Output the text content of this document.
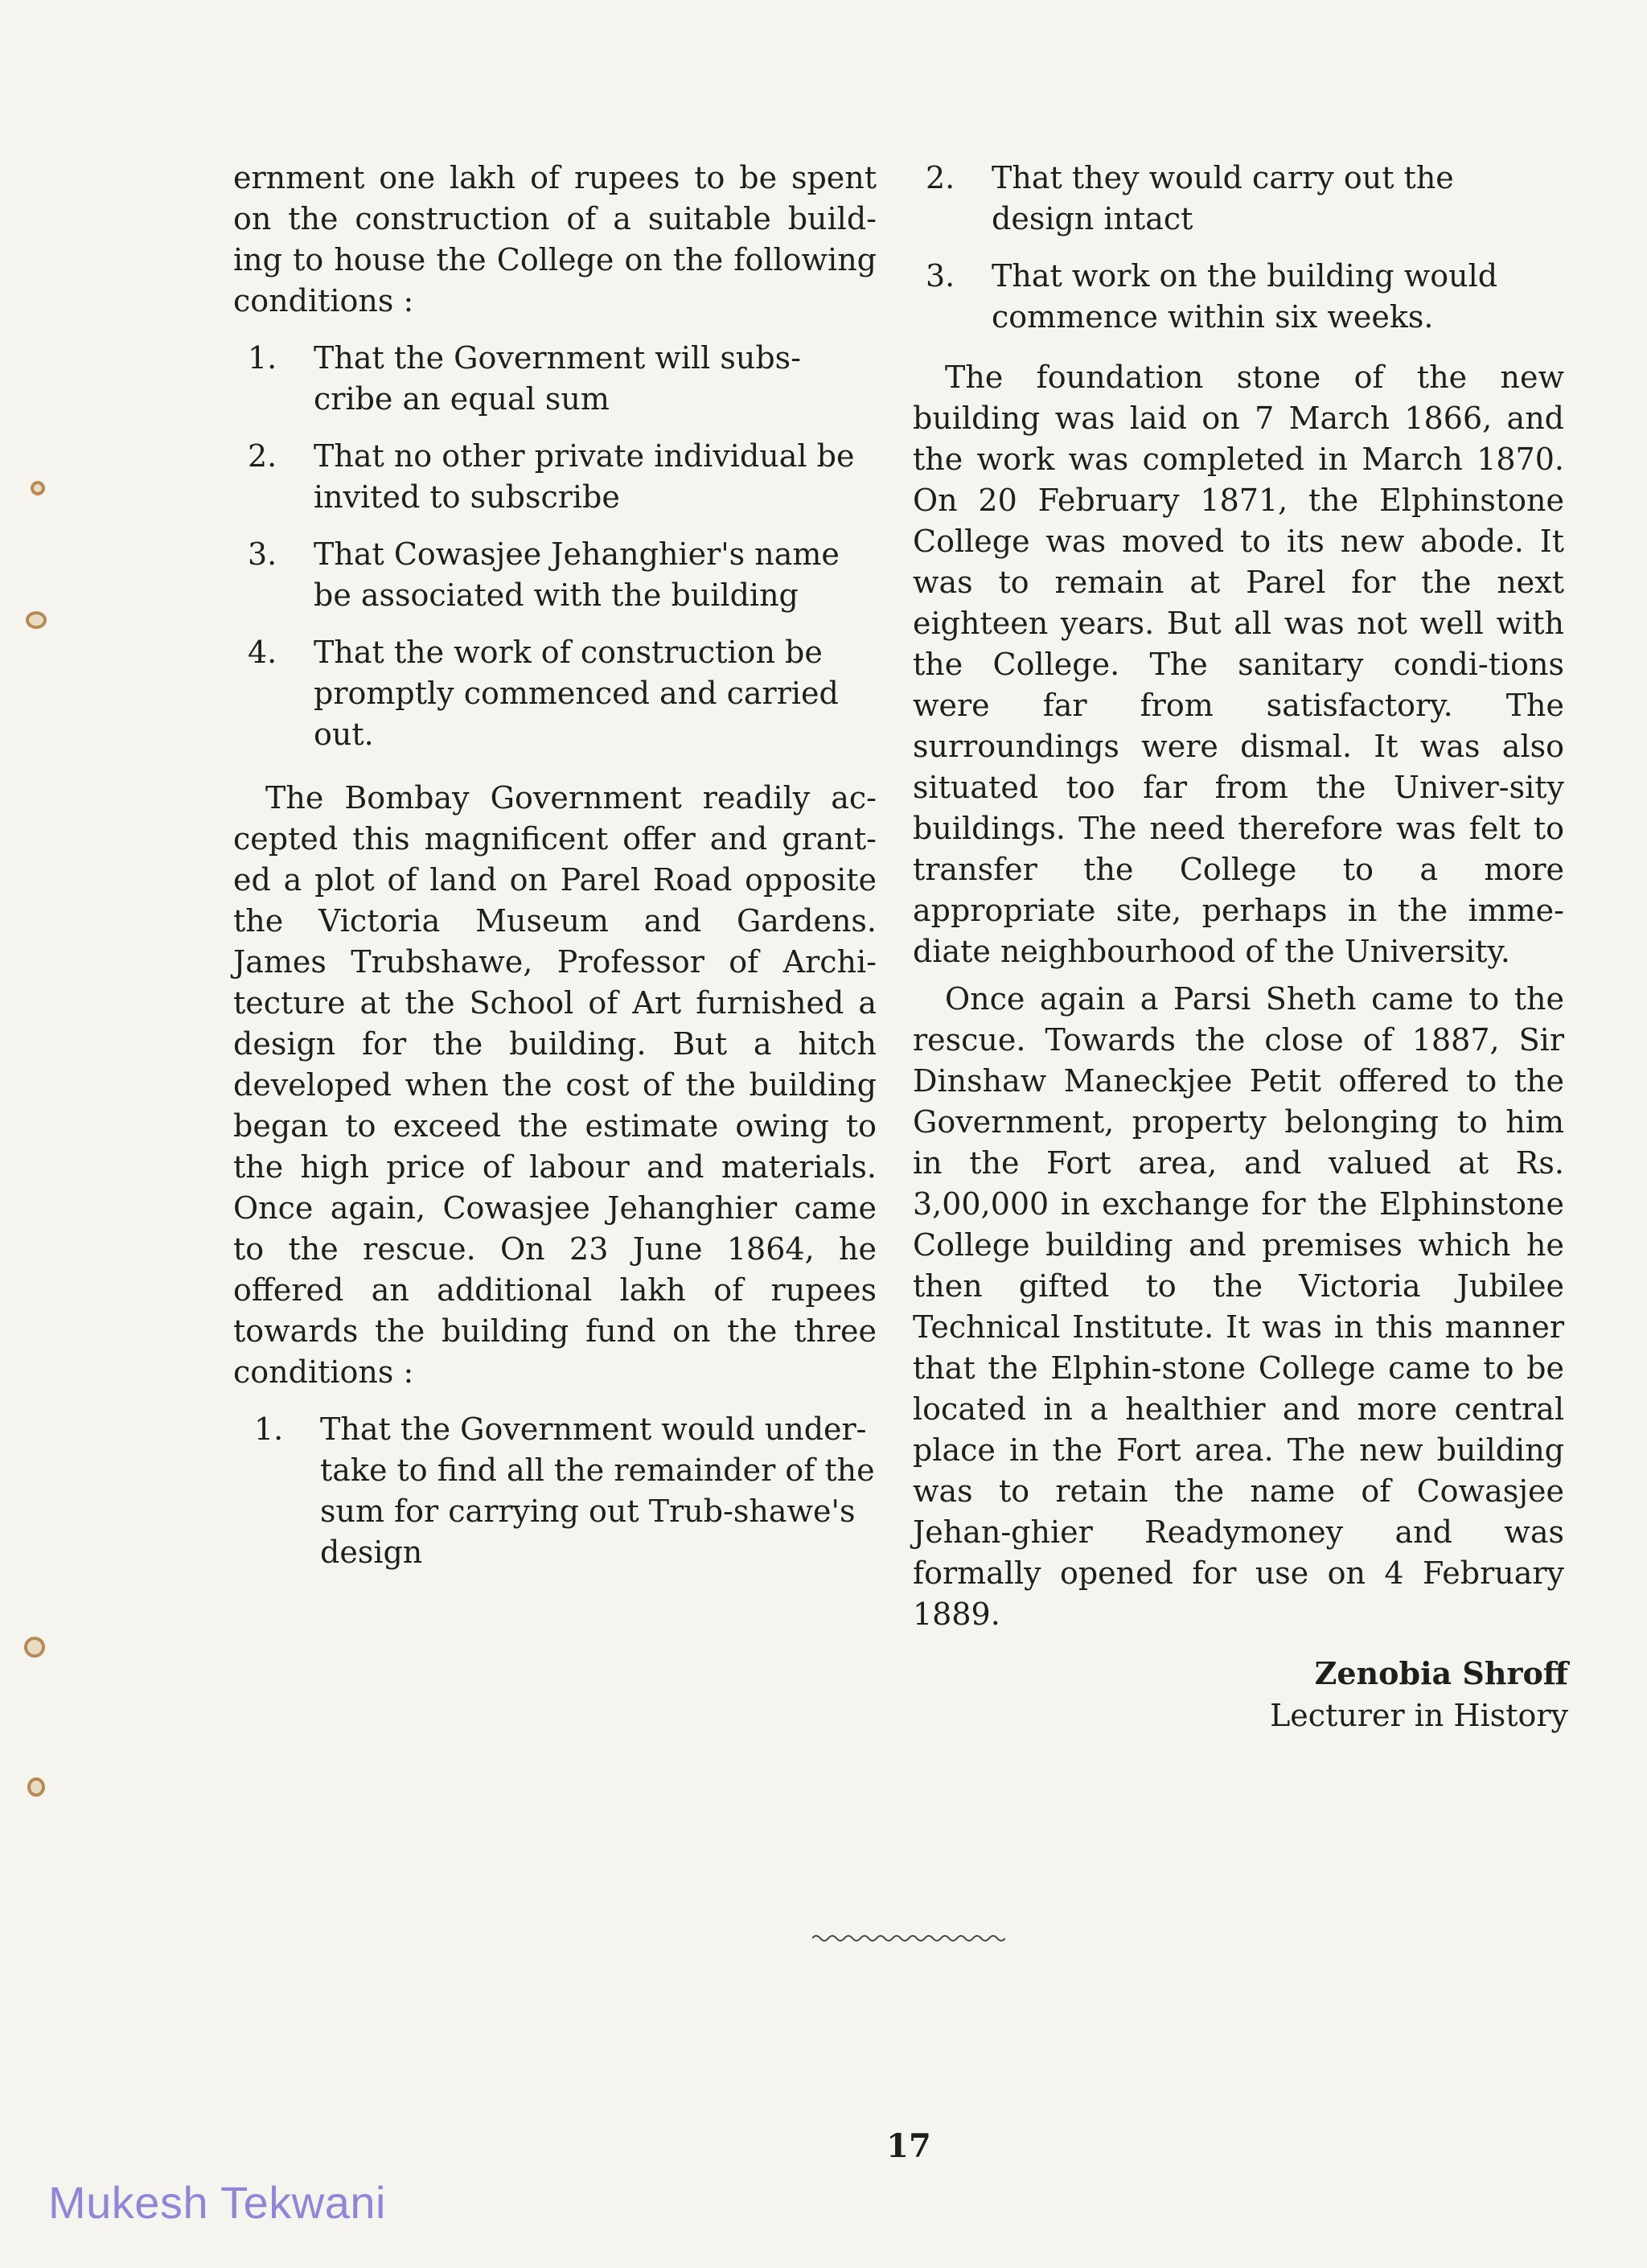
ernment one lakh of rupees to be spent on the construction of a suitable build-ing to house the College on the following conditions :

1.	That the Government will subs-cribe an equal sum
2.	That no other private individual be invited to subscribe
3.	That Cowasjee Jehanghier's name be associated with the building
4.	That the work of construction be promptly commenced and carried out.

The Bombay Government readily ac-cepted this magnificent offer and grant-ed a plot of land on Parel Road opposite the Victoria Museum and Gardens. James Trubshawe, Professor of Archi-tecture at the School of Art furnished a design for the building. But a hitch developed when the cost of the building began to exceed the estimate owing to the high price of labour and materials. Once again, Cowasjee Jehanghier came to the rescue. On 23 June 1864, he offered an additional lakh of rupees towards the building fund on the three conditions :

1.	That the Government would under-take to find all the remainder of the sum for carrying out Trub-shawe's design
2.	That they would carry out the design intact
3.	That work on the building would commence within six weeks.

The foundation stone of the new building was laid on 7 March 1866, and the work was completed in March 1870. On 20 February 1871, the Elphinstone College was moved to its new abode. It was to remain at Parel for the next eighteen years. But all was not well with the College. The sanitary condi-tions were far from satisfactory. The surroundings were dismal. It was also situated too far from the Univer-sity buildings. The need therefore was felt to transfer the College to a more appropriate site, perhaps in the imme-diate neighbourhood of the University.

Once again a Parsi Sheth came to the rescue. Towards the close of 1887, Sir Dinshaw Maneckjee Petit offered to the Government, property belonging to him in the Fort area, and valued at Rs. 3,00,000 in exchange for the Elphinstone College building and premises which he then gifted to the Victoria Jubilee Technical Institute. It was in this manner that the Elphin-stone College came to be located in a healthier and more central place in the Fort area. The new building was to retain the name of Cowasjee Jehan-ghier Readymoney and was formally opened for use on 4 February 1889.

Zenobia Shroff
Lecturer in History
17
Mukesh Tekwani
